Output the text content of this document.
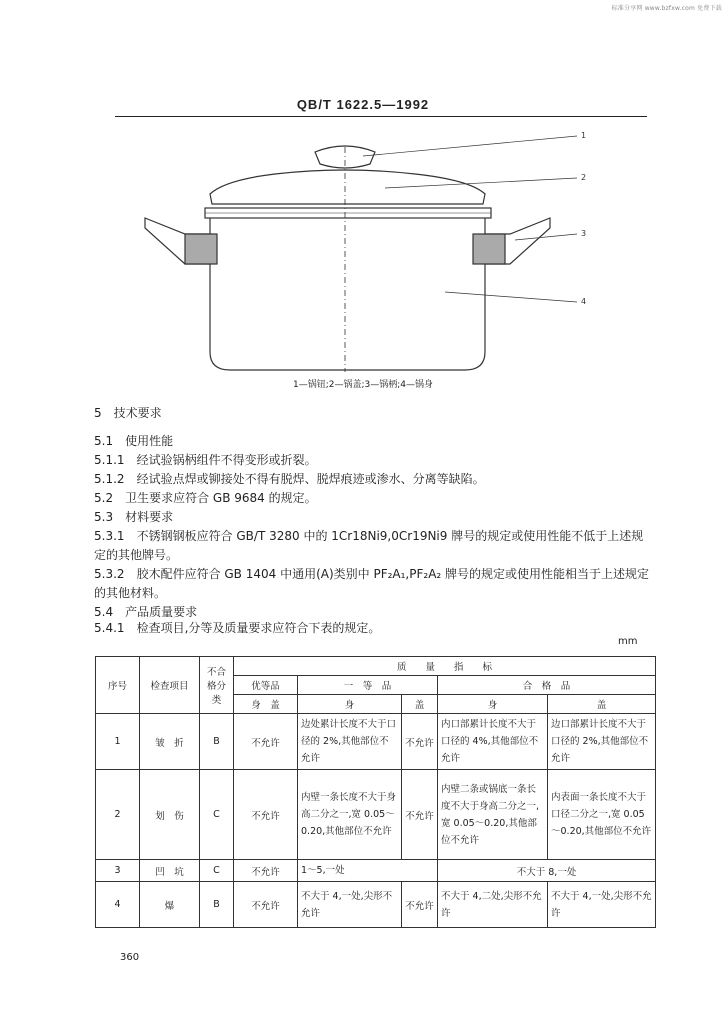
标准分享网 www.bzfxw.com 免费下载
QB/T 1622.5—1992
1
2
3
4
1—锅钮;2—锅盖;3—锅柄;4—锅身
5　技术要求
5.1　 使用性能
5.1.1　 经试验锅柄组件不得变形或折裂。
5.1.2　 经试验点焊或铆接处不得有脱焊、脱焊痕迹或渗水、分离等缺陷。
5.2　 卫生要求应符合 GB 9684 的规定。
5.3　 材料要求
5.3.1　 不锈钢钢板应符合 GB/T 3280 中的 1Cr18Ni9,0Cr19Ni9 牌号的规定或使用性能不低于上述规定的其他牌号。
5.3.2　 胶木配件应符合 GB 1404 中通用(A)类别中 PF₂A₁,PF₂A₂ 牌号的规定或使用性能相当于上述规定的其他材料。
5.4　 产品质量要求
5.4.1　 检查项目,分等及质量要求应符合下表的规定。
mm
序号	检查项目	不合格分类	质　　量　　指　　标				
			优等品	一　等　品		合　格　品	
			身　 盖	身	盖	身	盖
1	皱　折	B	不允许	边处累计长度不大于口径的 2%,其他部位不允许	不允许	内口部累计长度不大于口径的 4%,其他部位不允许	边口部累计长度不大于口径的 2%,其他部位不允许
2	划　伤	C	不允许	内壁一条长度不大于身高二分之一,宽 0.05～0.20,其他部位不允许	不允许	内壁二条或锅底一条长度不大于身高二分之一,宽 0.05～0.20,其他部位不允许	内表面一条长度不大于口径二分之一,宽 0.05～0.20,其他部位不允许
3	凹　坑	C	不允许	1～5,一处		不大于 8,一处	
4	爆	B	不允许	不大于 4,一处,尖形不允许	不允许	不大于 4,二处,尖形不允许	不大于 4,一处,尖形不允许
360
